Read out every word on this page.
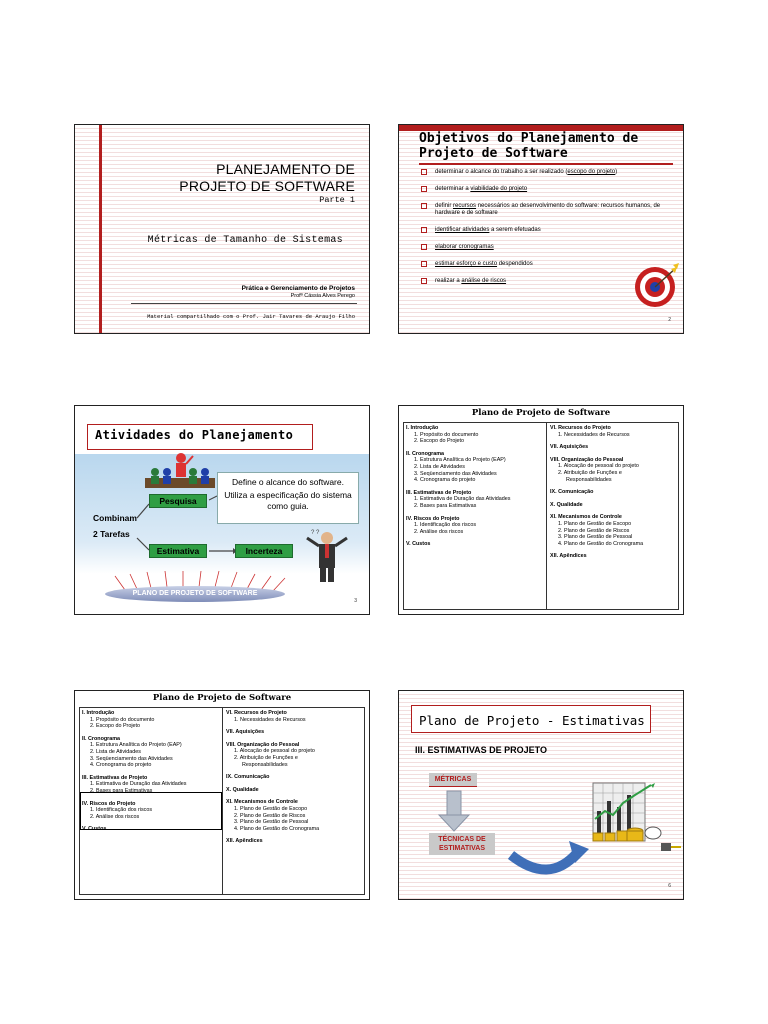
PLANEJAMENTO DE
PROJETO DE SOFTWARE
Parte 1
Métricas de Tamanho de Sistemas
Prática e Gerenciamento de Projetos
Profª Cássia Alves Perego
Material compartilhado com o Prof. Jair Tavares de Araujo Filho
Objetivos do Planejamento de
Projeto de Software
determinar o alcance do trabalho a ser realizado (escopo do projeto)
determinar a viabilidade do projeto
definir recursos necessários ao desenvolvimento do software: recursos humanos, de hardware e de software
identificar atividades a serem efetuadas
elaborar cronogramas
estimar esforço e custo despendidos
realizar a análise de riscos
2
Atividades do Planejamento
? ?
Define o alcance do software.
Utiliza a especificação do sistema como guia.
Pesquisa
Combinam
2 Tarefas
Estimativa	Incerteza
PLANO DE PROJETO DE SOFTWARE
3
Plano de Projeto de Software
I. Introdução
1. Propósito do documento
2. Escopo do Projeto
II. Cronograma
1. Estrutura Analítica do Projeto (EAP)
2. Lista de Atividades
3. Seqüenciamento das Atividades
4. Cronograma do projeto
III. Estimativas de Projeto
1. Estimativa de Duração das Atividades
2. Bases para Estimativas
IV. Riscos do Projeto
1. Identificação dos riscos
2. Análise dos riscos
V. Custos
VI. Recursos do Projeto
1. Necessidades de Recursos
VII. Aquisições
VIII. Organização do Pessoal
1. Alocação de pessoal do projeto
2. Atribuição de Funções e
Responsabilidades
IX. Comunicação
X. Qualidade
XI. Mecanismos de Controle
1. Plano de Gestão de Escopo
2. Plano de Gestão de Riscos
3. Plano de Gestão de Pessoal
4. Plano de Gestão do Cronograma
XII. Apêndices
Plano de Projeto de Software
I. Introdução
1. Propósito do documento
2. Escopo do Projeto
II. Cronograma
1. Estrutura Analítica do Projeto (EAP)
2. Lista de Atividades
3. Seqüenciamento das Atividades
4. Cronograma do projeto
III. Estimativas de Projeto
1. Estimativa de Duração das Atividades
2. Bases para Estimativas
IV. Riscos do Projeto
1. Identificação dos riscos
2. Análise dos riscos
V. Custos
VI. Recursos do Projeto
1. Necessidades de Recursos
VII. Aquisições
VIII. Organização do Pessoal
1. Alocação de pessoal do projeto
2. Atribuição de Funções e
Responsabilidades
IX. Comunicação
X. Qualidade
XI. Mecanismos de Controle
1. Plano de Gestão de Escopo
2. Plano de Gestão de Riscos
3. Plano de Gestão de Pessoal
4. Plano de Gestão do Cronograma
XII. Apêndices
Plano de Projeto - Estimativas
III. ESTIMATIVAS DE PROJETO
MÉTRICAS
TÉCNICAS DE
ESTIMATIVAS
6
